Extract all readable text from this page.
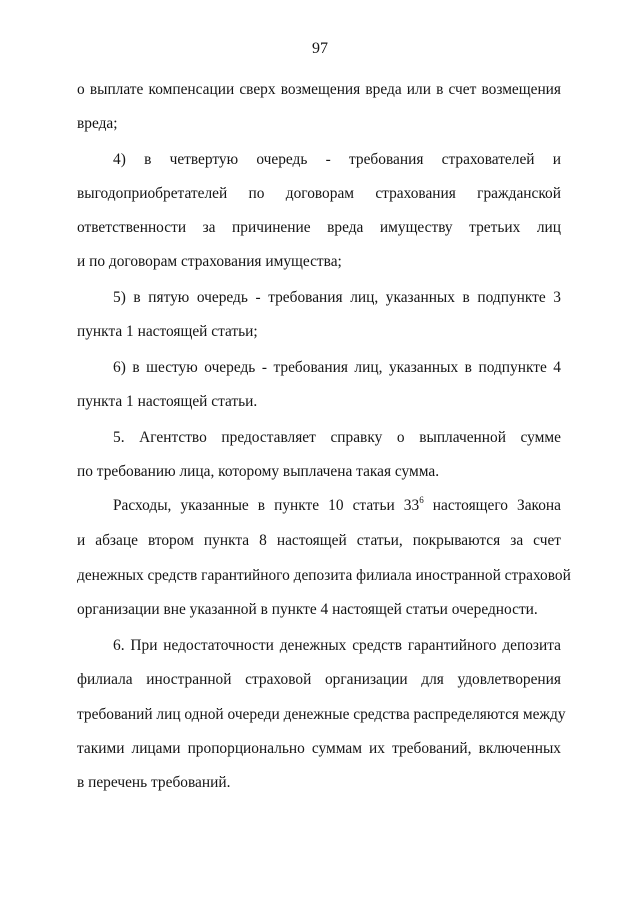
97
о выплате компенсации сверх возмещения вреда или в счет возмещения
вреда;
4) в четвертую очередь - требования страхователей и
выгодоприобретателей по договорам страхования гражданской
ответственности за причинение вреда имуществу третьих лиц
и по договорам страхования имущества;
5) в пятую очередь - требования лиц, указанных в подпункте 3
пункта 1 настоящей статьи;
6) в шестую очередь - требования лиц, указанных в подпункте 4
пункта 1 настоящей статьи.
5. Агентство предоставляет справку о выплаченной сумме
по требованию лица, которому выплачена такая сумма.
Расходы, указанные в пункте 10 статьи $33^6$ настоящего Закона
и абзаце втором пункта 8 настоящей статьи, покрываются за счет
денежных средств гарантийного депозита филиала иностранной страховой
организации вне указанной в пункте 4 настоящей статьи очередности.
6. При недостаточности денежных средств гарантийного депозита
филиала иностранной страховой организации для удовлетворения
требований лиц одной очереди денежные средства распределяются между
такими лицами пропорционально суммам их требований, включенных
в перечень требований.
